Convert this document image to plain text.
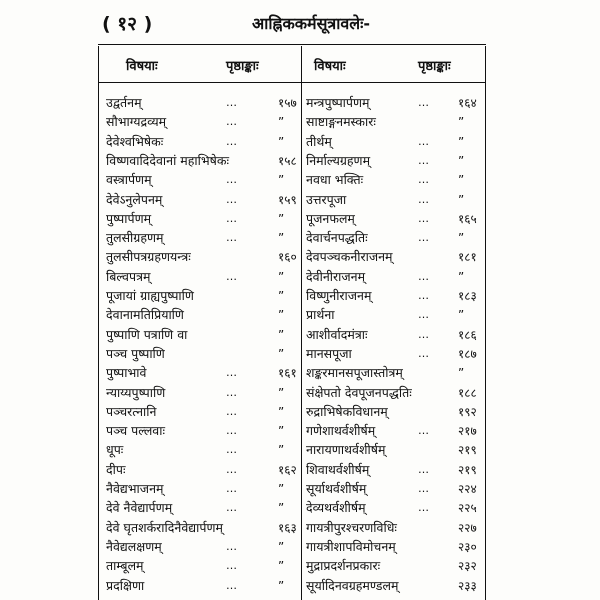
( १२ )	आह्निककर्मसूत्रावलेः-
विषयाः	पृष्ठाङ्काः	विषयाः	पृष्ठाङ्काः
उद्वर्तनम्	…	१५७
सौभाग्यद्रव्यम्	…	”
देवेश्वभिषेकः	…	”
विष्णवादिदेवानां महाभिषेकः	१५८
वस्त्रार्पणम्	…	”
देवेऽनुलेपनम्	…	१५९
पुष्पार्पणम्	…	”
तुलसीग्रहणम्	…	”
तुलसीपत्रग्रहणयन्त्रः	१६०
बिल्वपत्रम्	…	”
पूजायां ग्राह्यपुष्पाणि	”
देवानामतिप्रियाणि	”
पुष्पाणि पत्राणि वा	”
पञ्च पुष्पाणि	”
पुष्पाभावे	…	१६१
न्याय्यपुष्पाणि	…	”
पञ्चरत्नानि	…	”
पञ्च पल्लवाः	…	”
धूपः	…	”
दीपः	…	१६२
नैवेद्यभाजनम्	…	”
देवे नैवेद्यार्पणम्	…	”
देवे घृतशर्करादिनैवेद्यार्पणम्	१६३
नैवेद्यलक्षणम्	…	”
ताम्बूलम्	…	”
प्रदक्षिणा	…	”
मन्त्रपुष्पार्पणम्	… १६४
साष्टाङ्गनमस्कारः	”
तीर्थम्	… ”
निर्माल्यग्रहणम्	… ”
नवधा भक्तिः	… ”
उत्तरपूजा	… ”
पूजनफलम्	… १६५
देवार्चनपद्धतिः	… ”
देवपञ्चकनीराजनम्	१८१
देवीनीराजनम्	… ”
विष्णुनीराजनम्	… १८३
प्रार्थना	… ”
आशीर्वादमंत्राः	… १८६
मानसपूजा	… १८७
शङ्करमानसपूजास्तोत्रम्	”
संक्षेपतो देवपूजनपद्धतिः	१८८
रुद्राभिषेकविधानम्	१९२
गणेशाथर्वशीर्षम्	… २१७
नारायणाथर्वशीर्षम्	२१९
शिवाथर्वशीर्षम्	… २१९
सूर्याथर्वशीर्षम्	… २२४
देव्यथर्वशीर्षम्	… २२५
गायत्रीपुरश्चरणविधिः	२२७
गायत्रीशापविमोचनम्	२३०
मुद्राप्रदर्शनप्रकारः	२३२
सूर्यादिनवग्रहमण्डलम्	२३३
